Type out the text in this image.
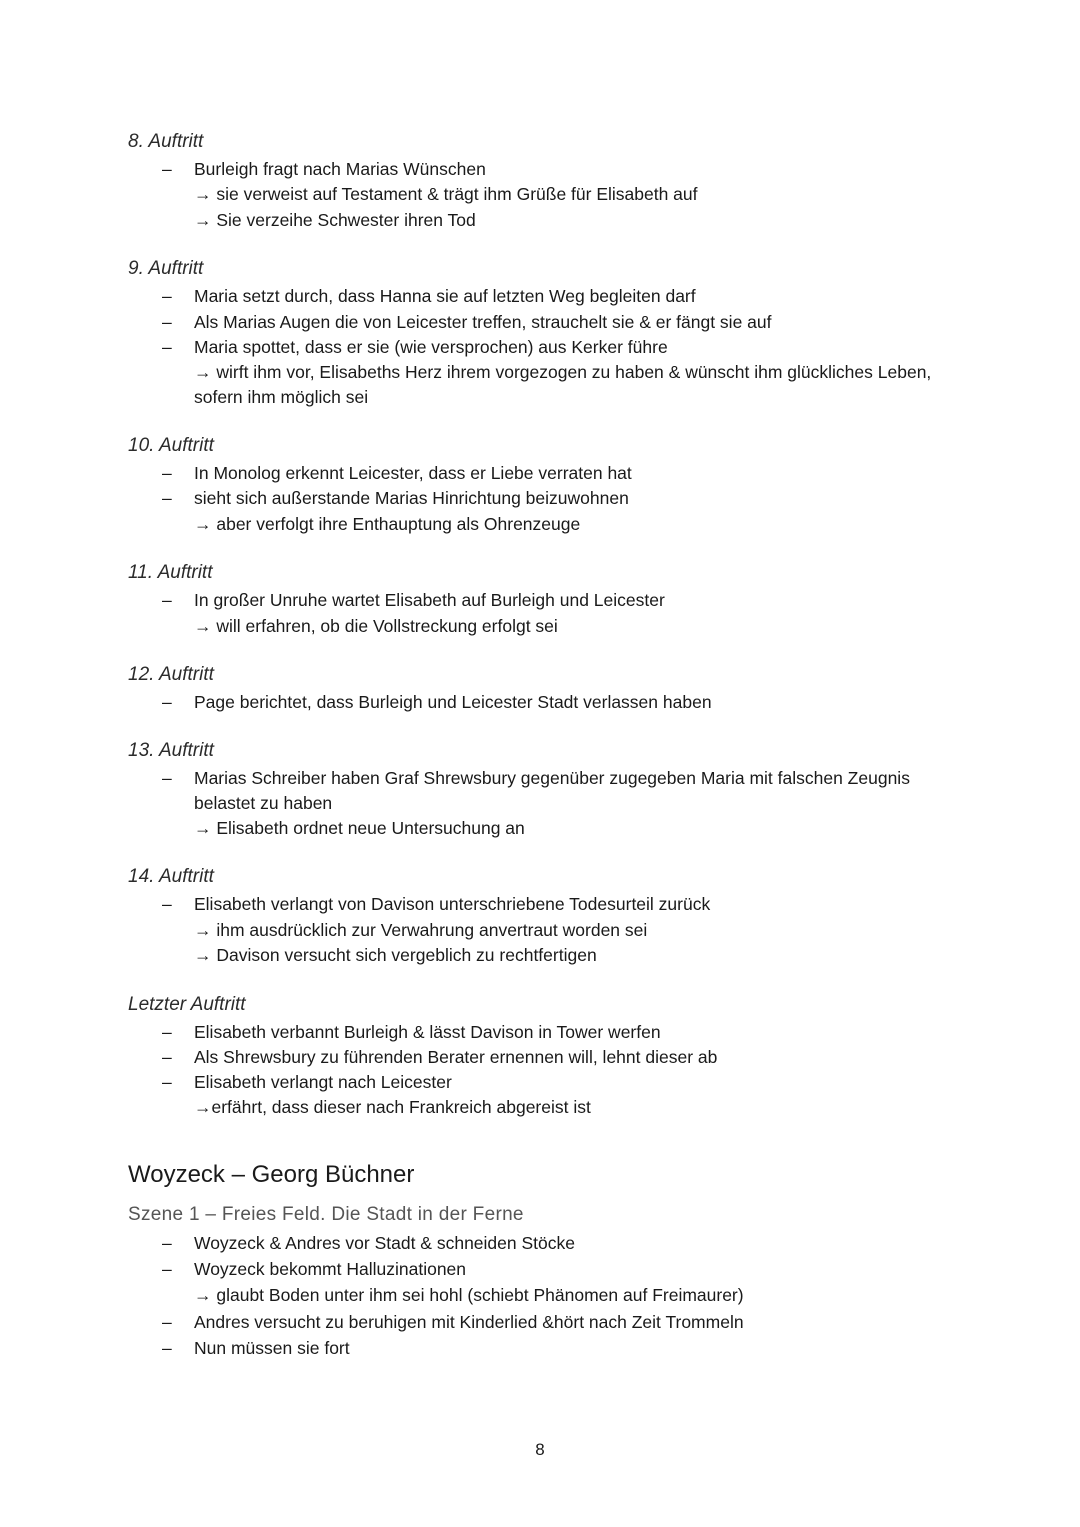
8. Auftritt
– Burleigh fragt nach Marias Wünschen
→ sie verweist auf Testament & trägt ihm Grüße für Elisabeth auf
→ Sie verzeihe Schwester ihren Tod
9. Auftritt
– Maria setzt durch, dass Hanna sie auf letzten Weg begleiten darf
– Als Marias Augen die von Leicester treffen, strauchelt sie & er fängt sie auf
– Maria spottet, dass er sie (wie versprochen) aus Kerker führe
→ wirft ihm vor, Elisabeths Herz ihrem vorgezogen zu haben & wünscht ihm glückliches Leben,
sofern ihm möglich sei
10. Auftritt
– In Monolog erkennt Leicester, dass er Liebe verraten hat
– sieht sich außerstande Marias Hinrichtung beizuwohnen
→ aber verfolgt ihre Enthauptung als Ohrenzeuge
11. Auftritt
– In großer Unruhe wartet Elisabeth auf Burleigh und Leicester
→ will erfahren, ob die Vollstreckung erfolgt sei
12. Auftritt
– Page berichtet, dass Burleigh und Leicester Stadt verlassen haben
13. Auftritt
– Marias Schreiber haben Graf Shrewsbury gegenüber zugegeben Maria mit falschen Zeugnis
belastet zu haben
→ Elisabeth ordnet neue Untersuchung an
14. Auftritt
– Elisabeth verlangt von Davison unterschriebene Todesurteil zurück
→ ihm ausdrücklich zur Verwahrung anvertraut worden sei
→ Davison versucht sich vergeblich zu rechtfertigen
Letzter Auftritt
– Elisabeth verbannt Burleigh & lässt Davison in Tower werfen
– Als Shrewsbury zu führenden Berater ernennen will, lehnt dieser ab
– Elisabeth verlangt nach Leicester
→erfährt, dass dieser nach Frankreich abgereist ist
Woyzeck – Georg Büchner
Szene 1 – Freies Feld. Die Stadt in der Ferne
– Woyzeck & Andres vor Stadt & schneiden Stöcke
– Woyzeck bekommt Halluzinationen
→ glaubt Boden unter ihm sei hohl (schiebt Phänomen auf Freimaurer)
– Andres versucht zu beruhigen mit Kinderlied &hört nach Zeit Trommeln
– Nun müssen sie fort
8
